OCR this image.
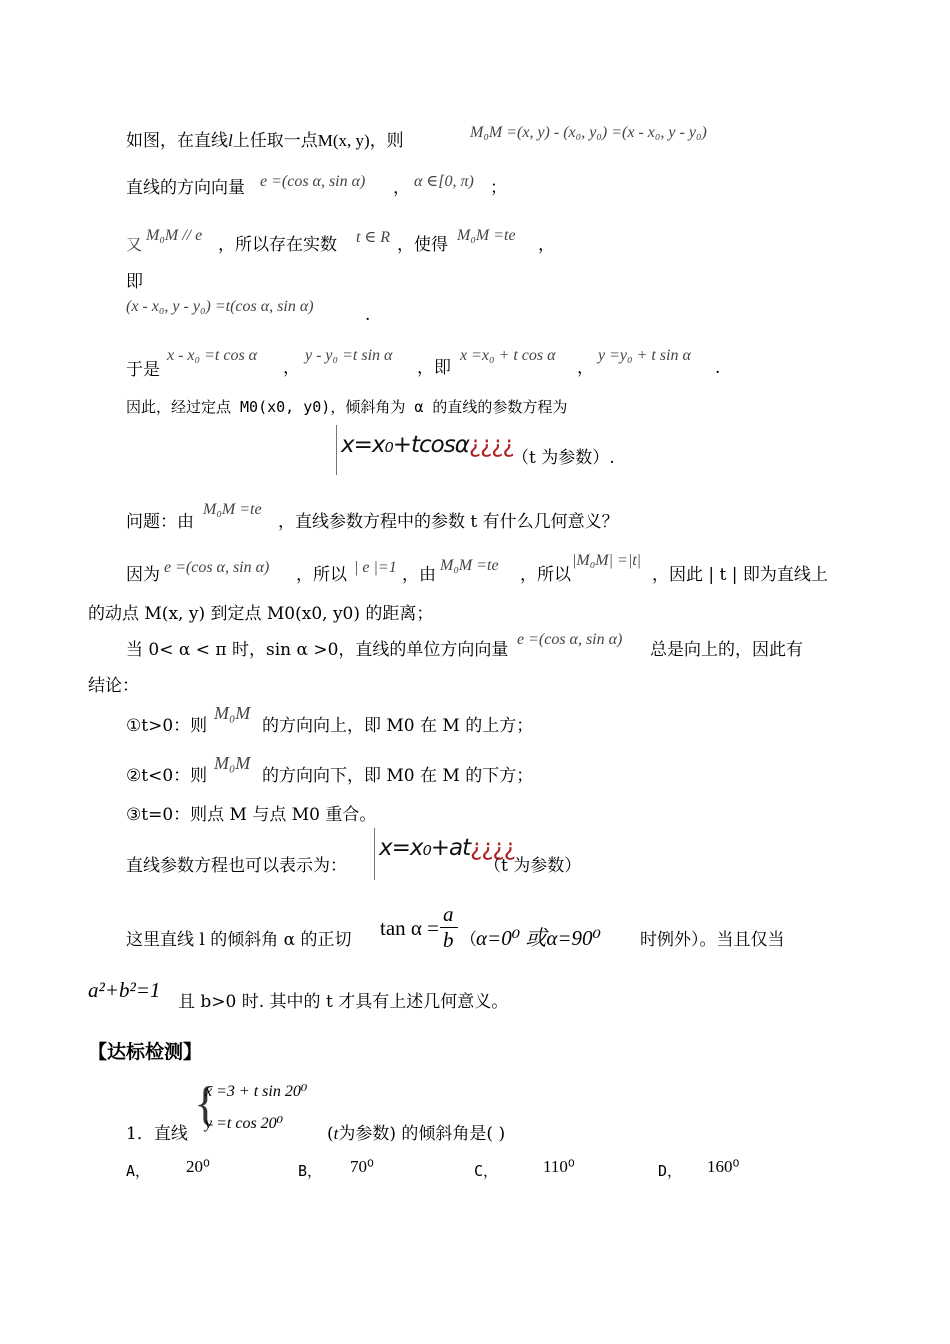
如图，在直线l上任取一点M(x, y)，则	M₀M =(x, y) - (x₀, y₀) =(x - x₀, y - y₀)
直线的方向向量 e =(cos α, sin α) ， α ∈[0, π) ；
又
M₀M // e ，所以存在实数 t ∈ R ，使得 M₀M =te ，
即
(x - x₀, y - y₀) =t(cos α, sin α)	.
于是
x - x₀ =t cos α
，
y - y₀ =t sin α
，即
x =x₀ + t cos α
，
y =y₀ + t sin α
.
因此，经过定点 M0(x0, y0)，倾斜角为 α 的直线的参数方程为
x=x₀+tcosα¿¿¿¿
（t 为参数）.
问题：由
M₀M =te
，直线参数方程中的参数 t 有什么几何意义？
因为 e =(cos α, sin α) ，所以 | e |=1 ，由 M₀M =te ，所以
|M₀M| =|t|
，因此 | t | 即为直线上
的动点 M(x, y) 到定点 M0(x0, y0) 的距离；
当 0< α < π 时，sin α >0，直线的单位方向向量
e =(cos α, sin α)
总是向上的，因此有
结论：
①t>0：则
M₀M
的方向向上，即 M0 在 M 的上方；
②t<0：则
M₀M
的方向向下，即 M0 在 M 的下方；
③t=0：则点 M 与点 M0 重合。
直线参数方程也可以表示为：
x=x₀+at¿¿¿¿
（t 为参数）
这里直线 l 的倾斜角 α 的正切 tan α =
a
b （ α=0⁰ 或α=90⁰ 时例外）。当且仅当
a²+b²=1 且 b>0 时. 其中的 t 才具有上述几何意义。
【达标检测】
{
x =3 + t sin 20⁰
y =t cos 20⁰
1．直线	(t为参数) 的倾斜角是( )
A， 20⁰	B， 70⁰	C，	110⁰	D， 160⁰
